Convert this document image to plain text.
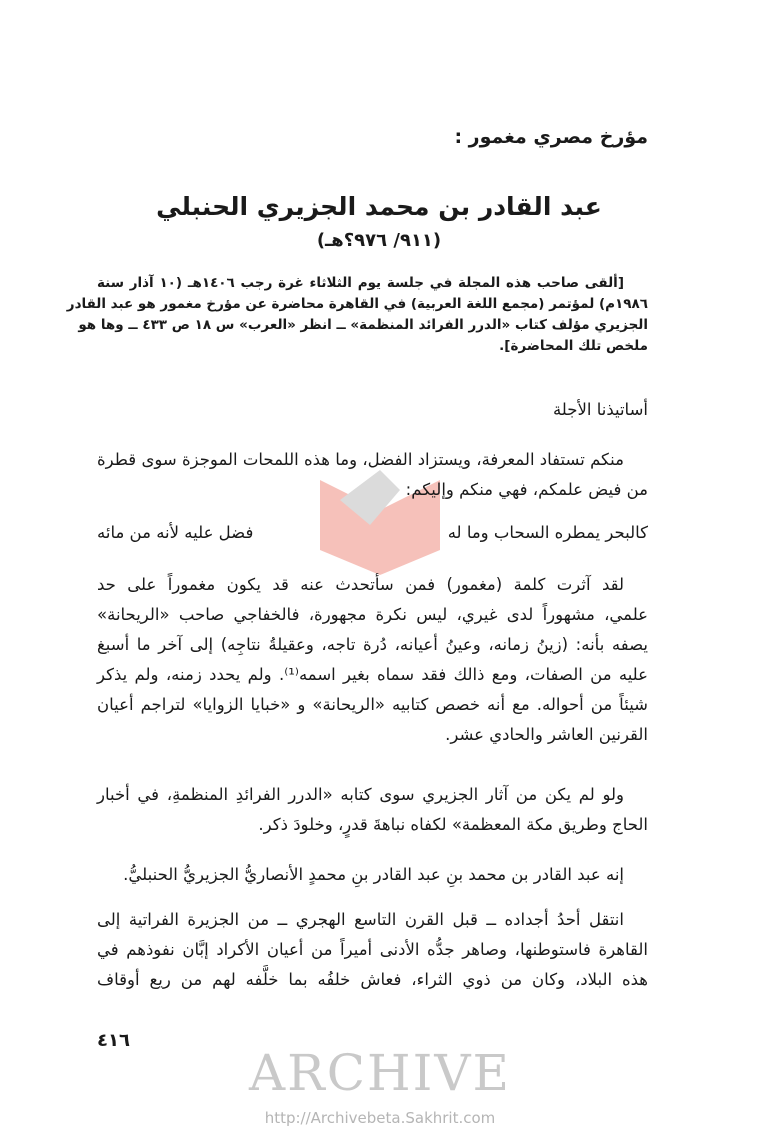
ARCHIVE
http://Archivebeta.Sakhrit.com
مؤرخ مصري مغمور :
عبد القادر بن محمد الجزيري الحنبلي
(٩١١/ ٩٧٦؟هـ)
[ألقى صاحب هذه المجلة في جلسة يوم الثلاثاء غرة رجب ١٤٠٦هـ (١٠ آذار سنة
١٩٨٦م) لمؤتمر (مجمع اللغة العربية) في القاهرة محاضرة عن مؤرخ مغمور هو عبد القادر
الجزيري مؤلف كتاب «الدرر الفرائد المنظمة» ــ انظر «العرب» س ١٨ ص ٤٣٣ ــ وها هو
ملخص تلك المحاضرة].
أساتيذنا الأجلة
منكم تستفاد المعرفة، ويستزاد الفضل، وما هذه اللمحات الموجزة سوى قطرة
من فيض علمكم، فهي منكم وإليكم:
كالبحر يمطره السحاب وما له
فضل عليه لأنه من مائه
لقد آثرت كلمة (مغمور) فمن سأتحدث عنه قد يكون مغموراً على حد
علمي، مشهوراً لدى غيري، ليس نكرة مجهورة، فالخفاجي صاحب «الريحانة»
يصفه بأنه: (زينُ زمانه، وعينُ أعيانه، دُرة تاجه، وعقيلةُ نتاجِه) إلى آخر ما أسبغ
عليه من الصفات، ومع ذالك فقد سماه بغير اسمه⁽¹⁾. ولم يحدد زمنه، ولم يذكر
شيئاً من أحواله. مع أنه خصص كتابيه «الريحانة» و «خبايا الزوايا» لتراجم أعيان
القرنين العاشر والحادي عشر.
ولو لم يكن من آثار الجزيري سوى كتابه «الدرر الفرائدِ المنظمةِ، في أخبار
الحاج وطريق مكة المعظمة» لكفاه نباهةَ قدرٍ، وخلودَ ذكر.
إنه عبد القادر بن محمد بنِ عبد القادر بنِ محمدٍ الأنصاريُّ الجزيريُّ الحنبليُّ.
انتقل أحدُ أجداده ــ قبل القرن التاسع الهجري ــ من الجزيرة الفراتية إلى
القاهرة فاستوطنها، وصاهر جدُّه الأدنى أميراً من أعيان الأكراد إبَّان نفوذهم في
هذه البلاد، وكان من ذوي الثراء، فعاش خلفُه بما خلَّفه لهم من ريع أوقاف
٤١٦
